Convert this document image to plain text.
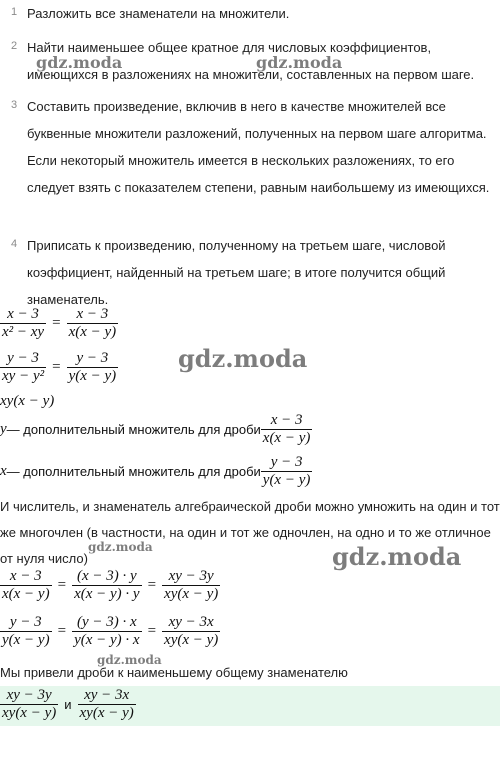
1 Разложить все знаменатели на множители.
2 Найти наименьшее общее кратное для числовых коэффициентов, имеющихся в разложениях на множители, составленных на первом шаге.
3 Составить произведение, включив в него в качестве множителей все буквенные множители разложений, полученных на первом шаге алгоритма. Если некоторый множитель имеется в нескольких разложениях, то его следует взять с показателем степени, равным наибольшему из имеющихся.
4 Приписать к произведению, полученному на третьем шаге, числовой коэффициент, найденный на третьем шаге; в итоге получится общий знаменатель.
$\frac{x - 3}{\text{x² − xy}} = \frac{x - 3}{x(x - y)}$
$\frac{y - 3}{\text{xy − y²}} = \frac{y - 3}{y(x - y)}$
xy(x − y)
y— дополнительный множитель для дроби $\frac{x - 3}{x(x - y)}$
x— дополнительный множитель для дроби $\frac{y - 3}{y(x - y)}$
И числитель, и знаменатель алгебраической дроби можно умножить на один и тот же многочлен (в частности, на один и тот же одночлен, на одно и то же отличное от нуля число)
$\frac{x - 3}{x(x - y)} = \frac{(x - 3) \cdot y}{x(x - y) \cdot y} = \frac{xy - 3y}{xy(x - y)}$
$\frac{y - 3}{y(x - y)} = \frac{(y - 3) \cdot x}{y(x - y) \cdot x} = \frac{xy - 3x}{xy(x - y)}$
Мы привели дроби к наименьшему общему знаменателю
$\frac{xy - 3y}{xy(x - y)}$ и $\frac{xy - 3x}{xy(x - y)}$
gdz.moda	gdz.moda
gdz.moda
gdz.moda	gdz.moda
gdz.moda
